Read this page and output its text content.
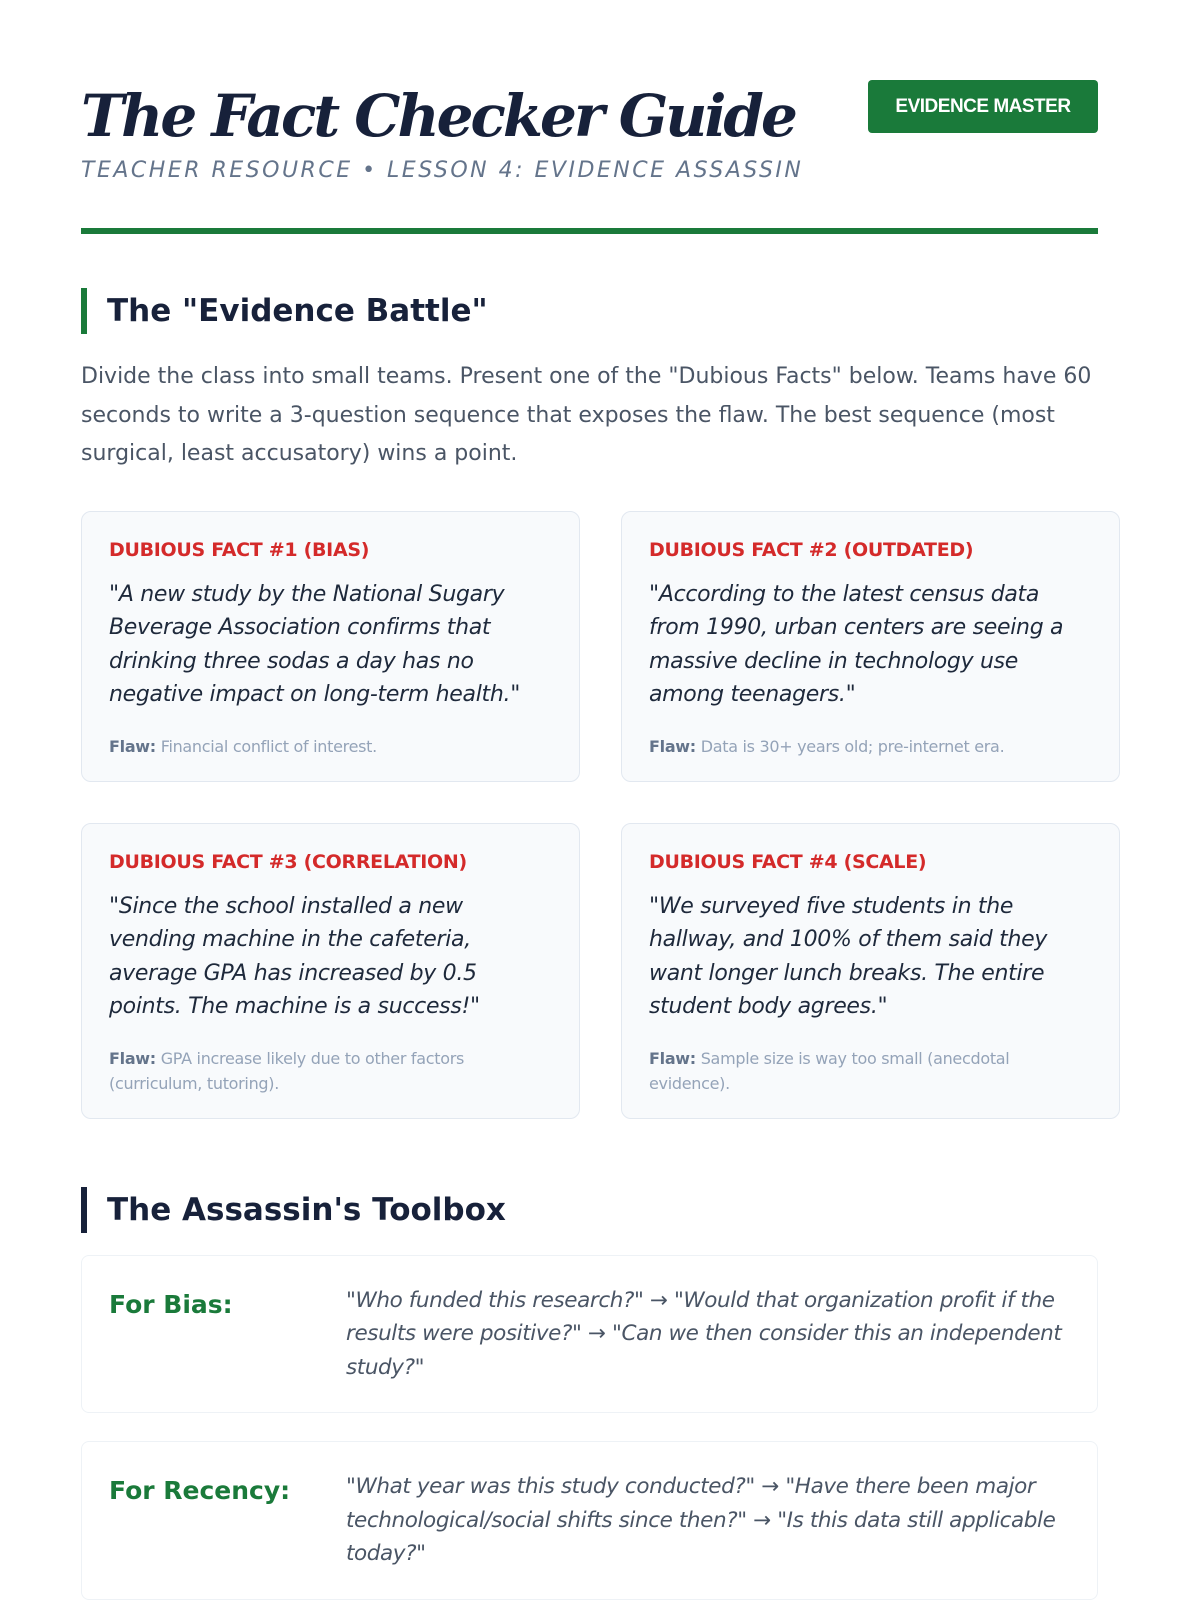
The Fact Checker Guide
TEACHER RESOURCE • LESSON 4: EVIDENCE ASSASSIN
EVIDENCE MASTER
The "Evidence Battle"

Divide the class into small teams. Present one of the "Dubious Facts" below. Teams have 60 seconds to write a 3-question sequence that exposes the flaw. The best sequence (most surgical, least accusatory) wins a point.

DUBIOUS FACT #1 (BIAS)
"A new study by the National Sugary Beverage Association confirms that drinking three sodas a day has no negative impact on long-term health."
Flaw: Financial conflict of interest.
DUBIOUS FACT #2 (OUTDATED)
"According to the latest census data from 1990, urban centers are seeing a massive decline in technology use among teenagers."
Flaw: Data is 30+ years old; pre-internet era.
DUBIOUS FACT #3 (CORRELATION)
"Since the school installed a new vending machine in the cafeteria, average GPA has increased by 0.5 points. The machine is a success!"
Flaw: GPA increase likely due to other factors (curriculum, tutoring).
DUBIOUS FACT #4 (SCALE)
"We surveyed five students in the hallway, and 100% of them said they want longer lunch breaks. The entire student body agrees."
Flaw: Sample size is way too small (anecdotal evidence).
The Assassin's Toolbox
For Bias:	"Who funded this research?" → "Would that organization profit if the results were positive?" → "Can we then consider this an independent study?"
For Recency:	"What year was this study conducted?" → "Have there been major technological/social shifts since then?" → "Is this data still applicable today?"
